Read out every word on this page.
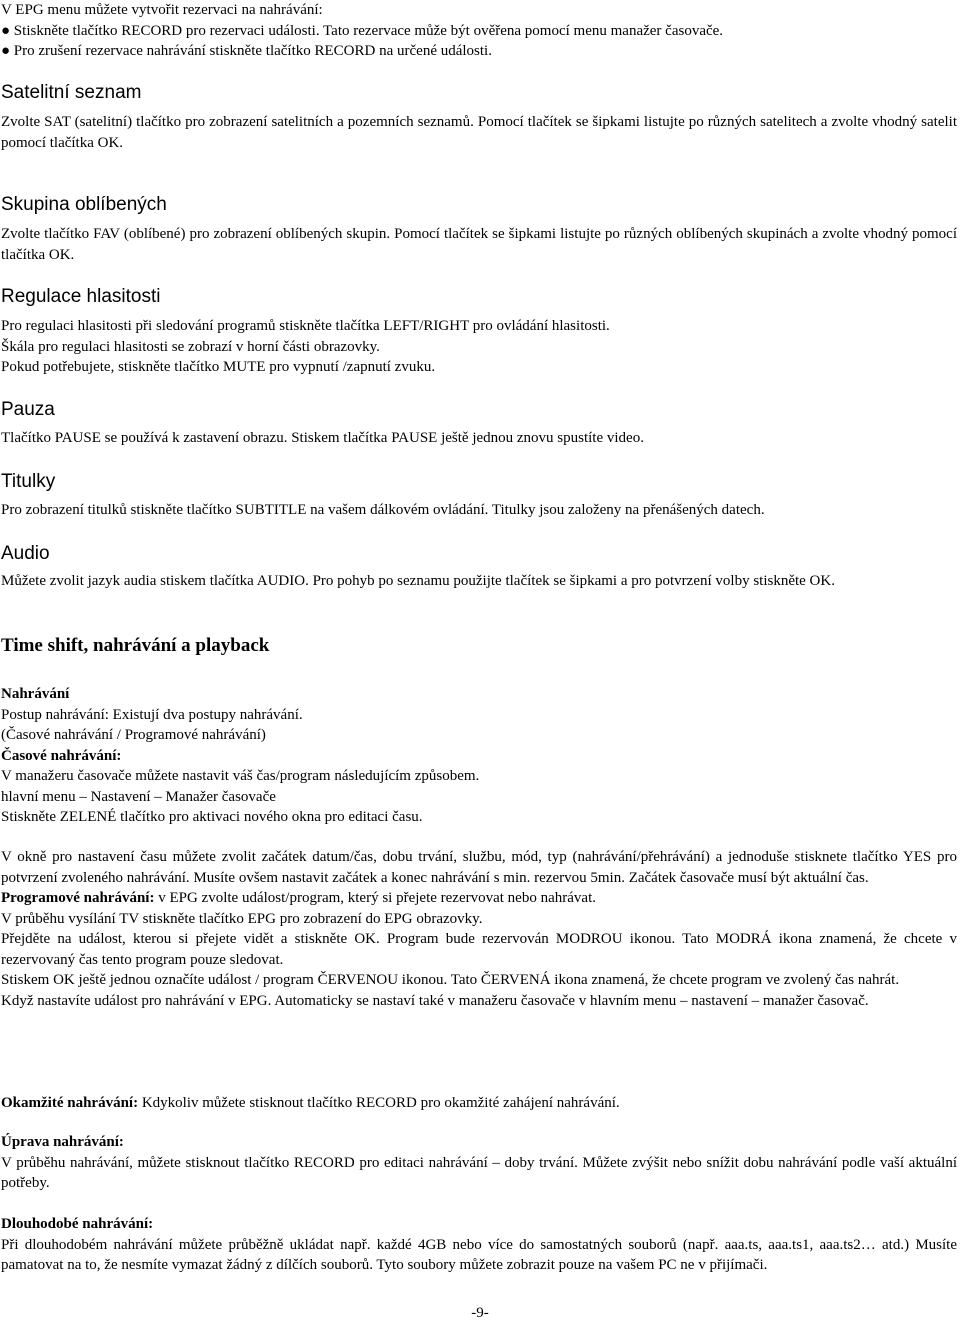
V EPG menu můžete vytvořit rezervaci na nahrávání:

● Stiskněte tlačítko RECORD pro rezervaci události. Tato rezervace může být ověřena pomocí menu manažer časovače.

● Pro zrušení rezervace nahrávání stiskněte tlačítko RECORD na určené události.

Satelitní seznam

Zvolte SAT (satelitní) tlačítko pro zobrazení satelitních a pozemních seznamů. Pomocí tlačítek se šipkami listujte po různých satelitech a zvolte vhodný satelit pomocí tlačítka OK.

Skupina oblíbených

Zvolte tlačítko FAV (oblíbené) pro zobrazení oblíbených skupin. Pomocí tlačítek se šipkami listujte po různých oblíbených skupinách a zvolte vhodný pomocí tlačítka OK.

Regulace hlasitosti

Pro regulaci hlasitosti při sledování programů stiskněte tlačítka LEFT/RIGHT pro ovládání hlasitosti.

Škála pro regulaci hlasitosti se zobrazí v horní části obrazovky.

Pokud potřebujete, stiskněte tlačítko MUTE pro vypnutí /zapnutí zvuku.

Pauza

Tlačítko PAUSE se používá k zastavení obrazu. Stiskem tlačítka PAUSE ještě jednou znovu spustíte video.

Titulky

Pro zobrazení titulků stiskněte tlačítko SUBTITLE na vašem dálkovém ovládání. Titulky jsou založeny na přenášených datech.

Audio

Můžete zvolit jazyk audia stiskem tlačítka AUDIO. Pro pohyb po seznamu použijte tlačítek se šipkami a pro potvrzení volby stiskněte OK.

Time shift, nahrávání a playback

Nahrávání

Postup nahrávání: Existují dva postupy nahrávání.

(Časové nahrávání / Programové nahrávání)

Časové nahrávání:

V manažeru časovače můžete nastavit váš čas/program následujícím způsobem.

hlavní menu – Nastavení – Manažer časovače

Stiskněte ZELENÉ tlačítko pro aktivaci nového okna pro editaci času.

V okně pro nastavení času můžete zvolit začátek datum/čas, dobu trvání, službu, mód, typ (nahrávání/přehrávání) a jednoduše stisknete tlačítko YES pro potvrzení zvoleného nahrávání. Musíte ovšem nastavit začátek a konec nahrávání s min. rezervou 5min. Začátek časovače musí být aktuální čas.

Programové nahrávání: v EPG zvolte událost/program, který si přejete rezervovat nebo nahrávat.

V průběhu vysílání TV stiskněte tlačítko EPG pro zobrazení do EPG obrazovky.

Přejděte na událost, kterou si přejete vidět a stiskněte OK. Program bude rezervován MODROU ikonou. Tato MODRÁ ikona znamená, že chcete v rezervovaný čas tento program pouze sledovat.

Stiskem OK ještě jednou označíte událost / program ČERVENOU ikonou. Tato ČERVENÁ ikona znamená, že chcete program ve zvolený čas nahrát.

Když nastavíte událost pro nahrávání v EPG. Automaticky se nastaví také v manažeru časovače v hlavním menu – nastavení – manažer časovač.

Okamžité nahrávání: Kdykoliv můžete stisknout tlačítko RECORD pro okamžité zahájení nahrávání.

Úprava nahrávání:

V průběhu nahrávání, můžete stisknout tlačítko RECORD pro editaci nahrávání – doby trvání. Můžete zvýšit nebo snížit dobu nahrávání podle vaší aktuální potřeby.

Dlouhodobé nahrávání:

Při dlouhodobém nahrávání můžete průběžně ukládat např. každé 4GB nebo více do samostatných souborů (např. aaa.ts, aaa.ts1, aaa.ts2… atd.) Musíte pamatovat na to, že nesmíte vymazat žádný z dílčích souborů. Tyto soubory můžete zobrazit pouze na vašem PC ne v přijímači.

-9-
